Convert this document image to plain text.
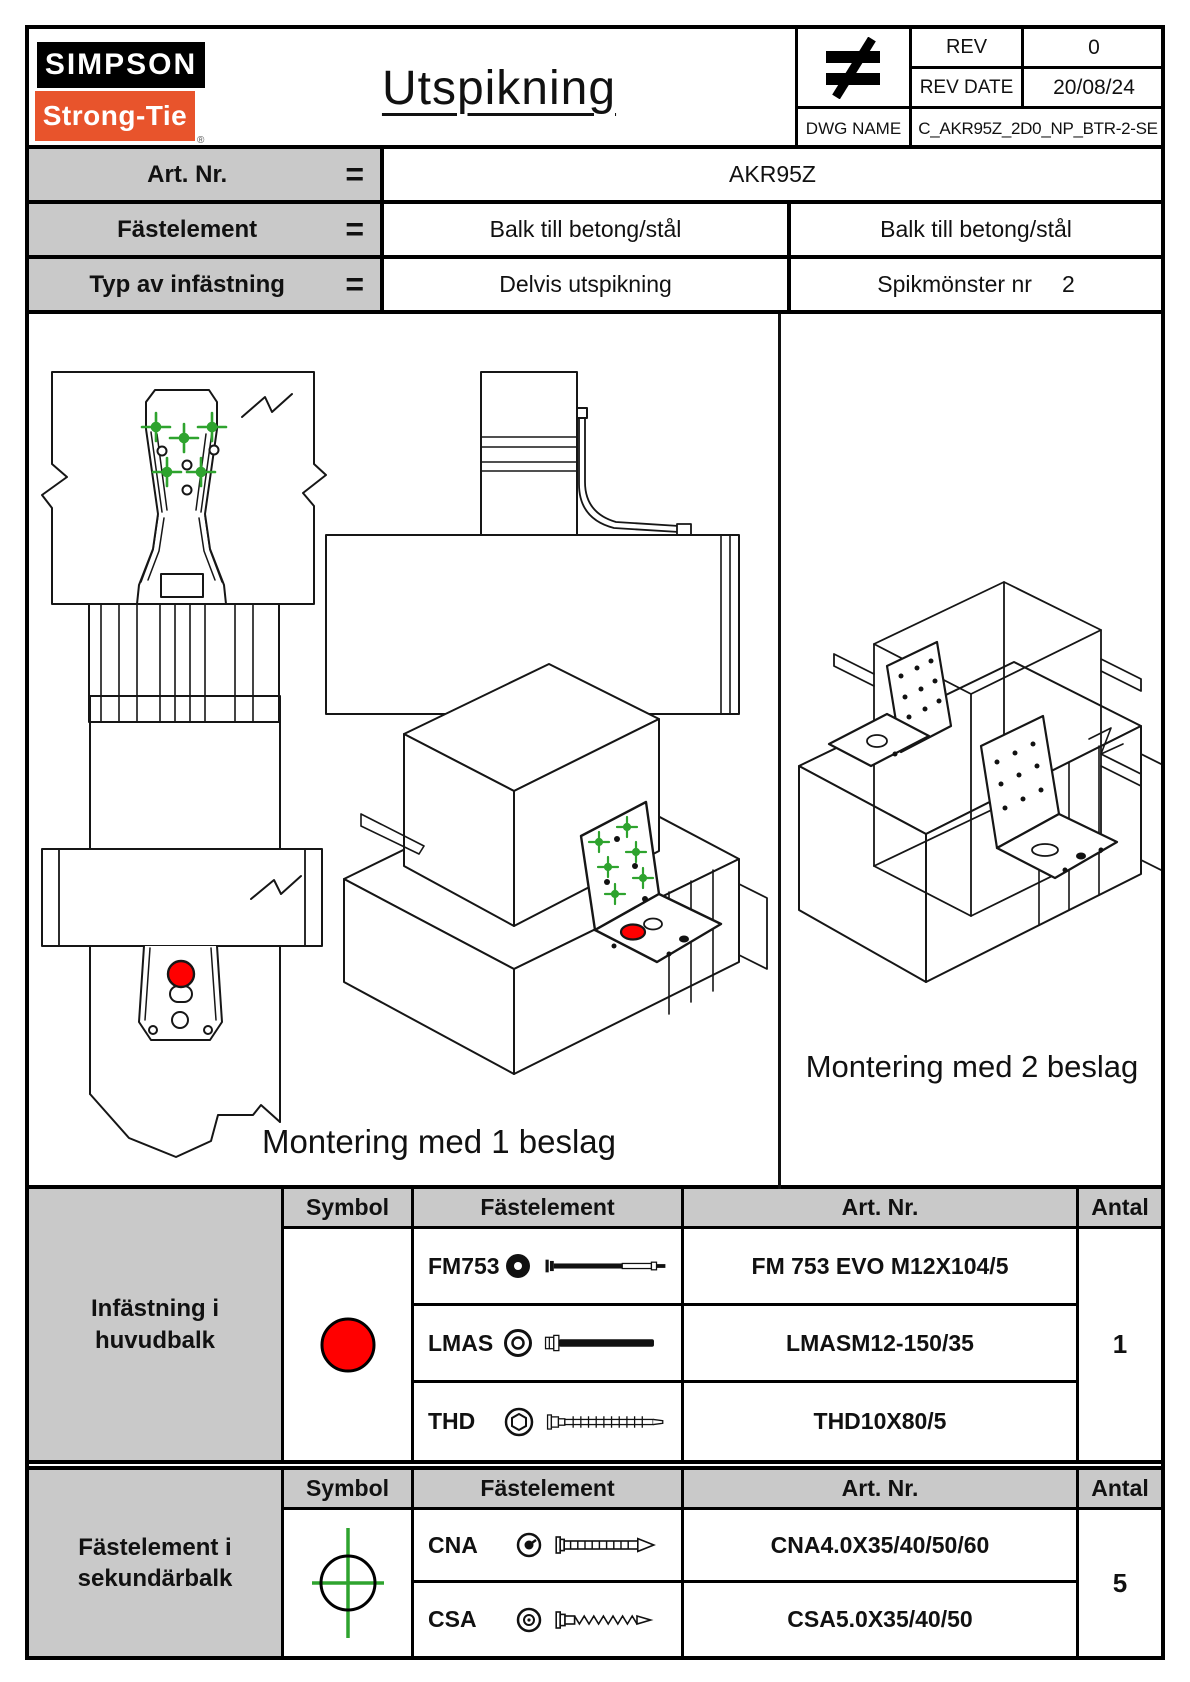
SIMPSON
Strong-Tie
®
Utspikning
REV	0
REV DATE	20/08/24
DWG NAME	C_AKR95Z_2D0_NP_BTR-2-SE
Art. Nr.	=	AKR95Z
Fästelement	=	Balk till betong/stål	Balk till betong/stål
Typ av infästning	=	Delvis utspikning	Spikmönster nr 2
Montering med 1 beslag
Montering med 2 beslag
Infästning i
huvudbalk
Symbol	Fästelement	Art. Nr.	Antal
1
FM753	FM 753 EVO M12X104/5
LMAS	LMASM12-150/35
THD	THD10X80/5
Fästelement i
sekundärbalk
Symbol	Fästelement	Art. Nr.	Antal
5
CNA	CNA4.0X35/40/50/60
CSA	CSA5.0X35/40/50
